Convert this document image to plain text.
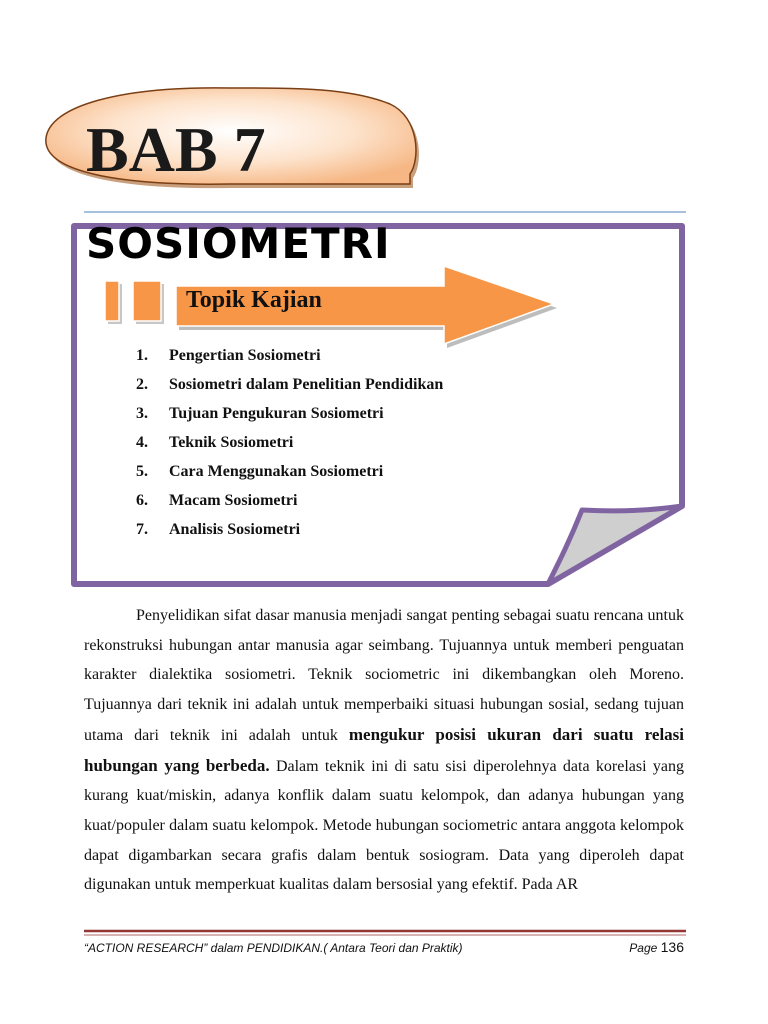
BAB 7
SOSIOMETRI
Topik Kajian
1. Pengertian Sosiometri
2. Sosiometri dalam Penelitian Pendidikan
3. Tujuan Pengukuran Sosiometri
4. Teknik Sosiometri
5. Cara Menggunakan Sosiometri
6. Macam Sosiometri
7. Analisis Sosiometri

Penyelidikan sifat dasar manusia menjadi sangat penting sebagai suatu rencana untuk rekonstruksi hubungan antar manusia agar seimbang. Tujuannya untuk memberi penguatan karakter dialektika sosiometri. Teknik sociometric ini dikembangkan oleh Moreno. Tujuannya dari teknik ini adalah untuk memperbaiki situasi hubungan sosial, sedang tujuan utama dari teknik ini adalah untuk mengukur posisi ukuran dari suatu relasi hubungan yang berbeda. Dalam teknik ini di satu sisi diperolehnya data korelasi yang kurang kuat/miskin, adanya konflik dalam suatu kelompok, dan adanya hubungan yang kuat/populer dalam suatu kelompok. Metode hubungan sociometric antara anggota kelompok dapat digambarkan secara grafis dalam bentuk sosiogram. Data yang diperoleh dapat digunakan untuk memperkuat kualitas dalam bersosial yang efektif. Pada AR

“ACTION RESEARCH” dalam PENDIDIKAN.( Antara Teori dan Praktik)	Page 136
